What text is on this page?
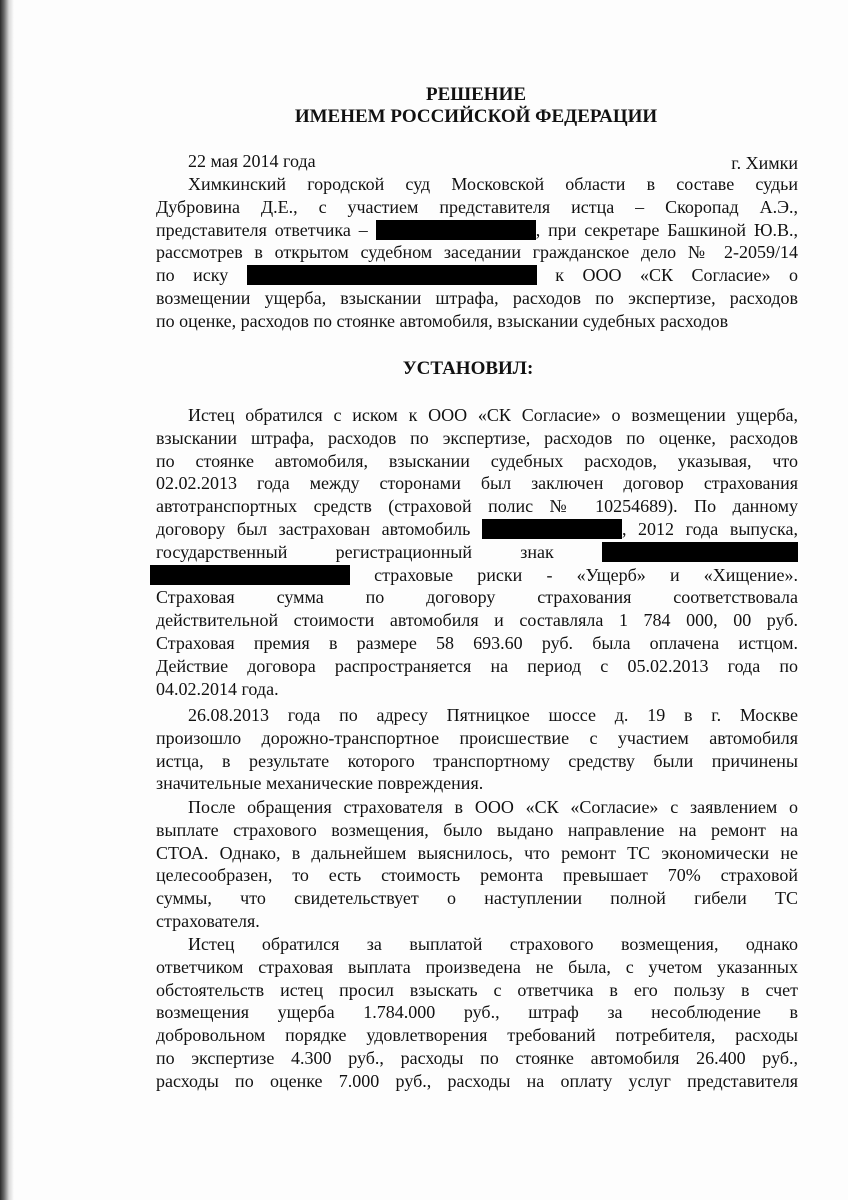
РЕШЕНИЕ
ИМЕНЕМ РОССИЙСКОЙ ФЕДЕРАЦИИ
22 мая 2014 года	г. Химки
Химкинский городской суд Московской области в составе судьи
Дубровина Д.Е., с участием представителя истца – Скоропад А.Э.,
представителя ответчика –	, при секретаре Башкиной Ю.В.,
рассмотрев в открытом судебном заседании гражданское дело № 2-2059/14
по иску	к ООО «СК Согласие» о
возмещении ущерба, взыскании штрафа, расходов по экспертизе, расходов
по оценке, расходов по стоянке автомобиля, взыскании судебных расходов
УСТАНОВИЛ:
Истец обратился с иском к ООО «СК Согласие» о возмещении ущерба,
взыскании штрафа, расходов по экспертизе, расходов по оценке, расходов
по стоянке автомобиля, взыскании судебных расходов, указывая, что
02.02.2013 года между сторонами был заключен договор страхования
автотранспортных средств (страховой полис № 10254689). По данному
договору был застрахован автомобиль	, 2012 года выпуска,
государственный регистрационный знак
страховые риски - «Ущерб» и «Хищение».
Страховая сумма по договору страхования соответствовала
действительной стоимости автомобиля и составляла 1 784 000, 00 руб.
Страховая премия в размере 58 693.60 руб. была оплачена истцом.
Действие договора распространяется на период с 05.02.2013 года по
04.02.2014 года.
26.08.2013 года по адресу Пятницкое шоссе д. 19 в г. Москве
произошло дорожно-транспортное происшествие с участием автомобиля
истца, в результате которого транспортному средству были причинены
значительные механические повреждения.
После обращения страхователя в ООО «СК «Согласие» с заявлением о
выплате страхового возмещения, было выдано направление на ремонт на
СТОА. Однако, в дальнейшем выяснилось, что ремонт ТС экономически не
целесообразен, то есть стоимость ремонта превышает 70% страховой
суммы, что свидетельствует о наступлении полной гибели ТС
страхователя.
Истец обратился за выплатой страхового возмещения, однако
ответчиком страховая выплата произведена не была, с учетом указанных
обстоятельств истец просил взыскать с ответчика в его пользу в счет
возмещения ущерба 1.784.000 руб., штраф за несоблюдение в
добровольном порядке удовлетворения требований потребителя, расходы
по экспертизе 4.300 руб., расходы по стоянке автомобиля 26.400 руб.,
расходы по оценке 7.000 руб., расходы на оплату услуг представителя
